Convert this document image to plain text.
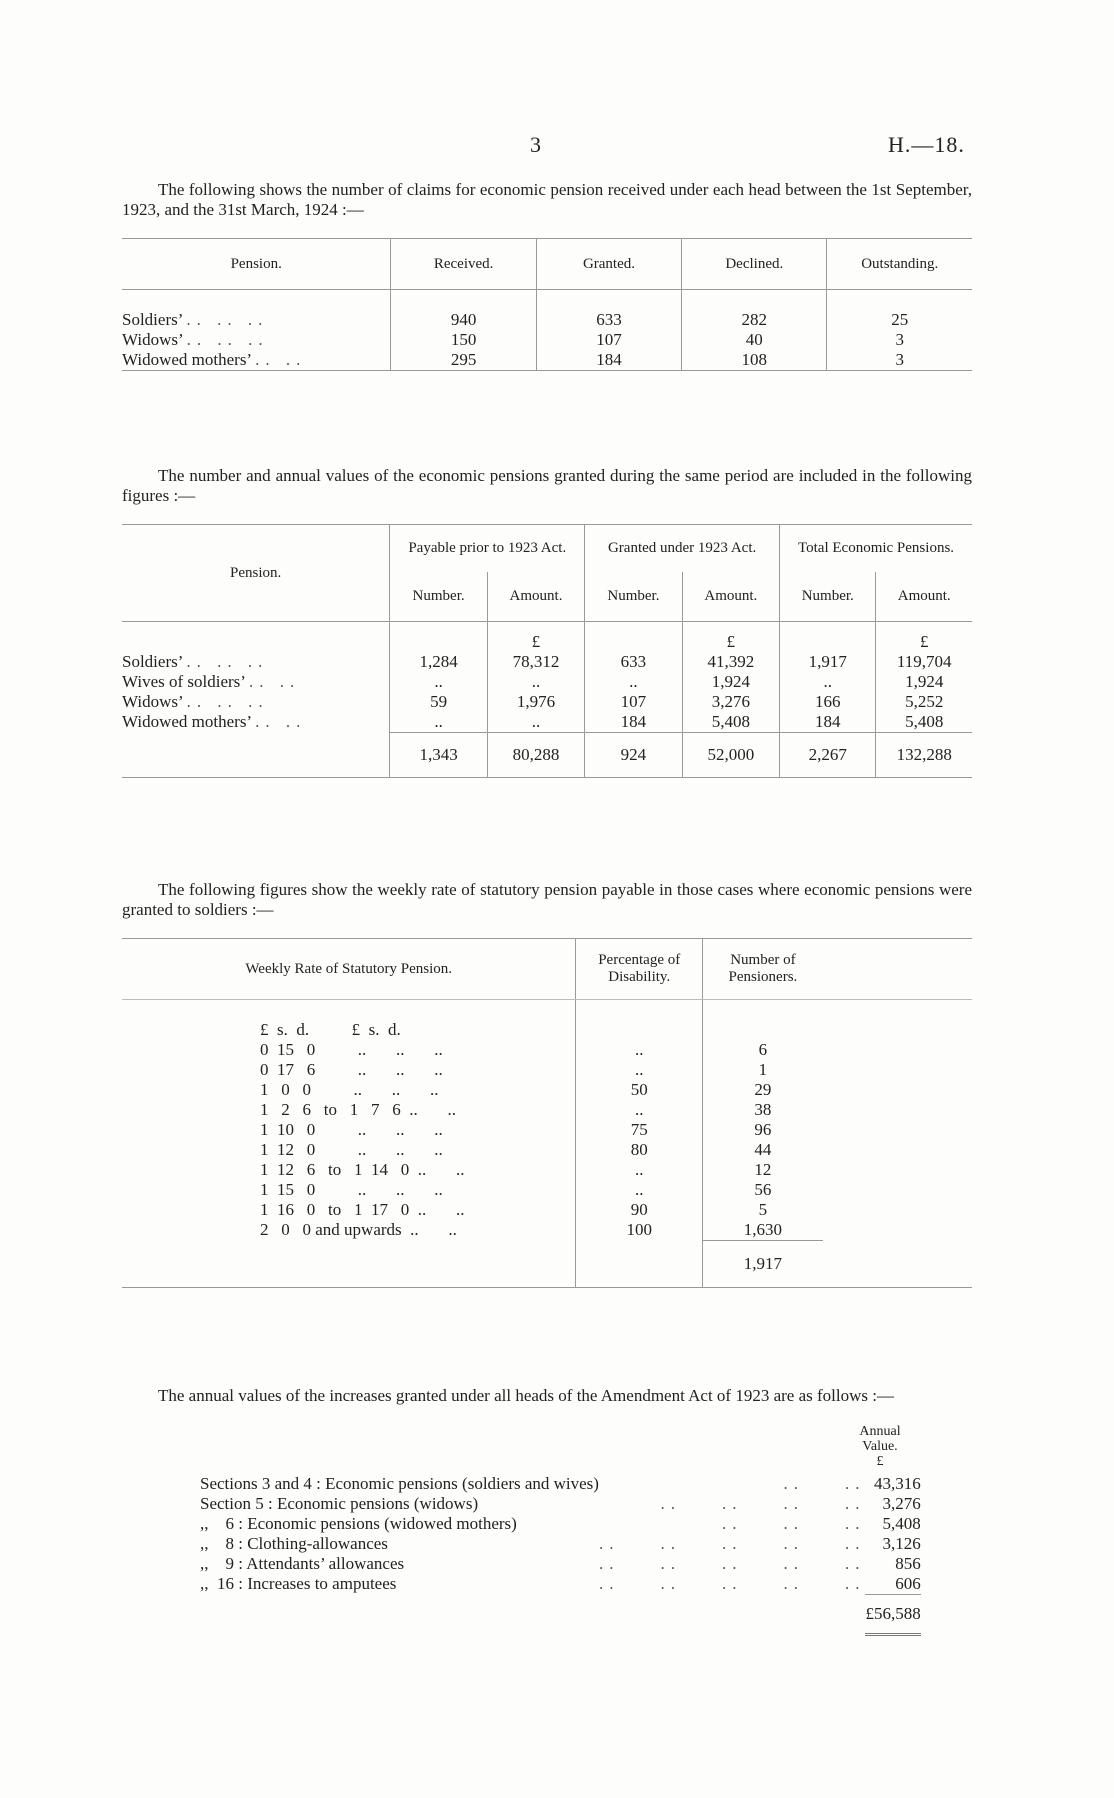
3	H.—18.
The following shows the number of claims for economic pension received under each head between the 1st September, 1923, and the 31st March, 1924 :—
Pension.	Received.	Granted.	Declined.	Outstanding.

Soldiers’ .. .. ..	940	633	282	25
Widows’ .. .. ..	150	107	40	3
Widowed mothers’ .. ..	295	184	108	3
The number and annual values of the economic pensions granted during the same period are included in the following figures :—
Pension.	Payable prior to 1923 Act.		Granted under 1923 Act.		Total Economic Pensions.	
	Number.	Amount.	Number.	Amount.	Number.	Amount.
		£		£		£
Soldiers’ .. .. ..	1,284	78,312	633	41,392	1,917	119,704
Wives of soldiers’ .. ..	..	..	..	1,924	..	1,924
Widows’ .. .. ..	59	1,976	107	3,276	166	5,252
Widowed mothers’ .. ..	..	..	184	5,408	184	5,408
	1,343	80,288	924	52,000	2,267	132,288
The following figures show the weekly rate of statutory pension payable in those cases where economic pensions were granted to soldiers :—
Weekly Rate of Statutory Pension.	Percentage of Disability.	Number of Pensioners.	

£  s.  d.          £  s.  d.			
0  15   0          ..       ..       ..	..	6	
0  17   6          ..       ..       ..	..	1	
1   0   0          ..       ..       ..	50	29	
1   2   6   to   1   7   6  ..       ..	..	38	
1  10   0          ..       ..       ..	75	96	
1  12   0          ..       ..       ..	80	44	
1  12   6   to   1  14   0  ..       ..	..	12	
1  15   0          ..       ..       ..	..	56	
1  16   0   to   1  17   0  ..       ..	90	5	
2   0   0 and upwards  ..       ..	100	1,630	
		1,917	
The annual values of the increases granted under all heads of the Amendment Act of 1923 are as follows :—
Annual
Value.
£
Sections 3 and 4 : Economic pensions (soldiers and wives)	..    ..	43,316
Section 5 : Economic pensions (widows)	..    ..    ..    ..	3,276
,,    6 : Economic pensions (widowed mothers)	..    ..    ..	5,408
,,    8 : Clothing-allowances	..    ..    ..    ..    ..	3,126
,,    9 : Attendants’ allowances	..    ..    ..    ..    ..	856
,,  16 : Increases to amputees	..    ..    ..    ..    ..	606
		£56,588
